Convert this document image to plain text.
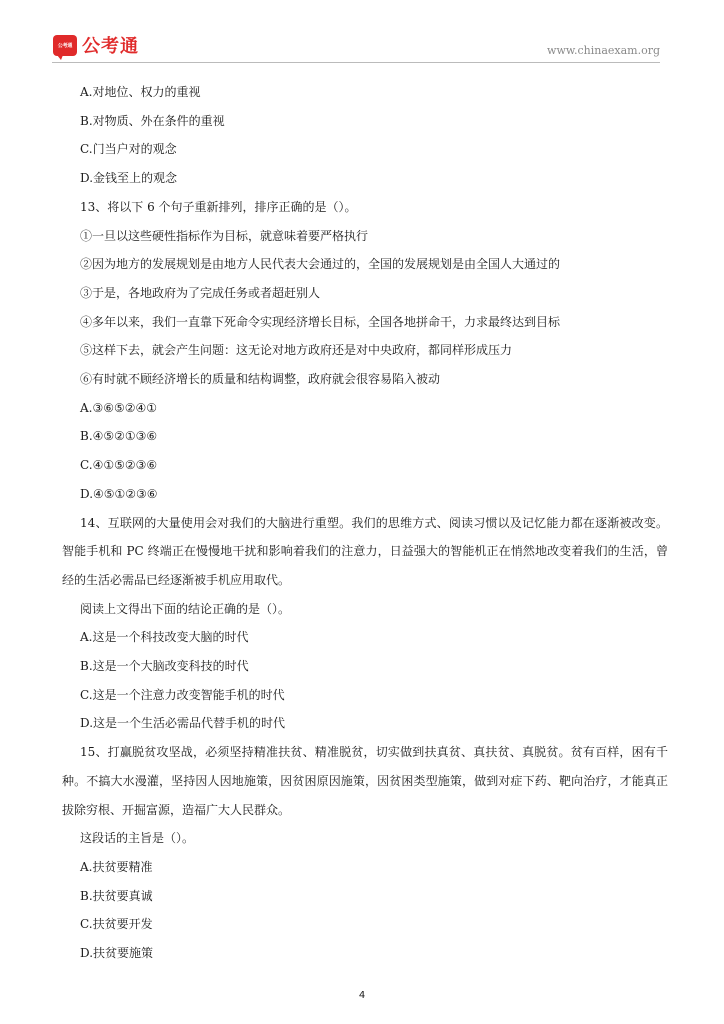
公考通 公考通	www.chinaexam.org

A.对地位、权力的重视

B.对物质、外在条件的重视

C.门当户对的观念

D.金钱至上的观念

13、将以下 6 个句子重新排列，排序正确的是（）。

①一旦以这些硬性指标作为目标，就意味着要严格执行

②因为地方的发展规划是由地方人民代表大会通过的，全国的发展规划是由全国人大通过的

③于是，各地政府为了完成任务或者超赶别人

④多年以来，我们一直靠下死命令实现经济增长目标，全国各地拼命干，力求最终达到目标

⑤这样下去，就会产生问题：这无论对地方政府还是对中央政府，都同样形成压力

⑥有时就不顾经济增长的质量和结构调整，政府就会很容易陷入被动

A.③⑥⑤②④①

B.④⑤②①③⑥

C.④①⑤②③⑥

D.④⑤①②③⑥

14、互联网的大量使用会对我们的大脑进行重塑。我们的思维方式、阅读习惯以及记忆能力都在逐渐被改变。智能手机和 PC 终端正在慢慢地干扰和影响着我们的注意力，日益强大的智能机正在悄然地改变着我们的生活，曾经的生活必需品已经逐渐被手机应用取代。

阅读上文得出下面的结论正确的是（）。

A.这是一个科技改变大脑的时代

B.这是一个大脑改变科技的时代

C.这是一个注意力改变智能手机的时代

D.这是一个生活必需品代替手机的时代

15、打赢脱贫攻坚战，必须坚持精准扶贫、精准脱贫，切实做到扶真贫、真扶贫、真脱贫。贫有百样，困有千种。不搞大水漫灌，坚持因人因地施策，因贫困原因施策，因贫困类型施策，做到对症下药、靶向治疗，才能真正拔除穷根、开掘富源，造福广大人民群众。

这段话的主旨是（）。

A.扶贫要精准

B.扶贫要真诚

C.扶贫要开发

D.扶贫要施策

4
